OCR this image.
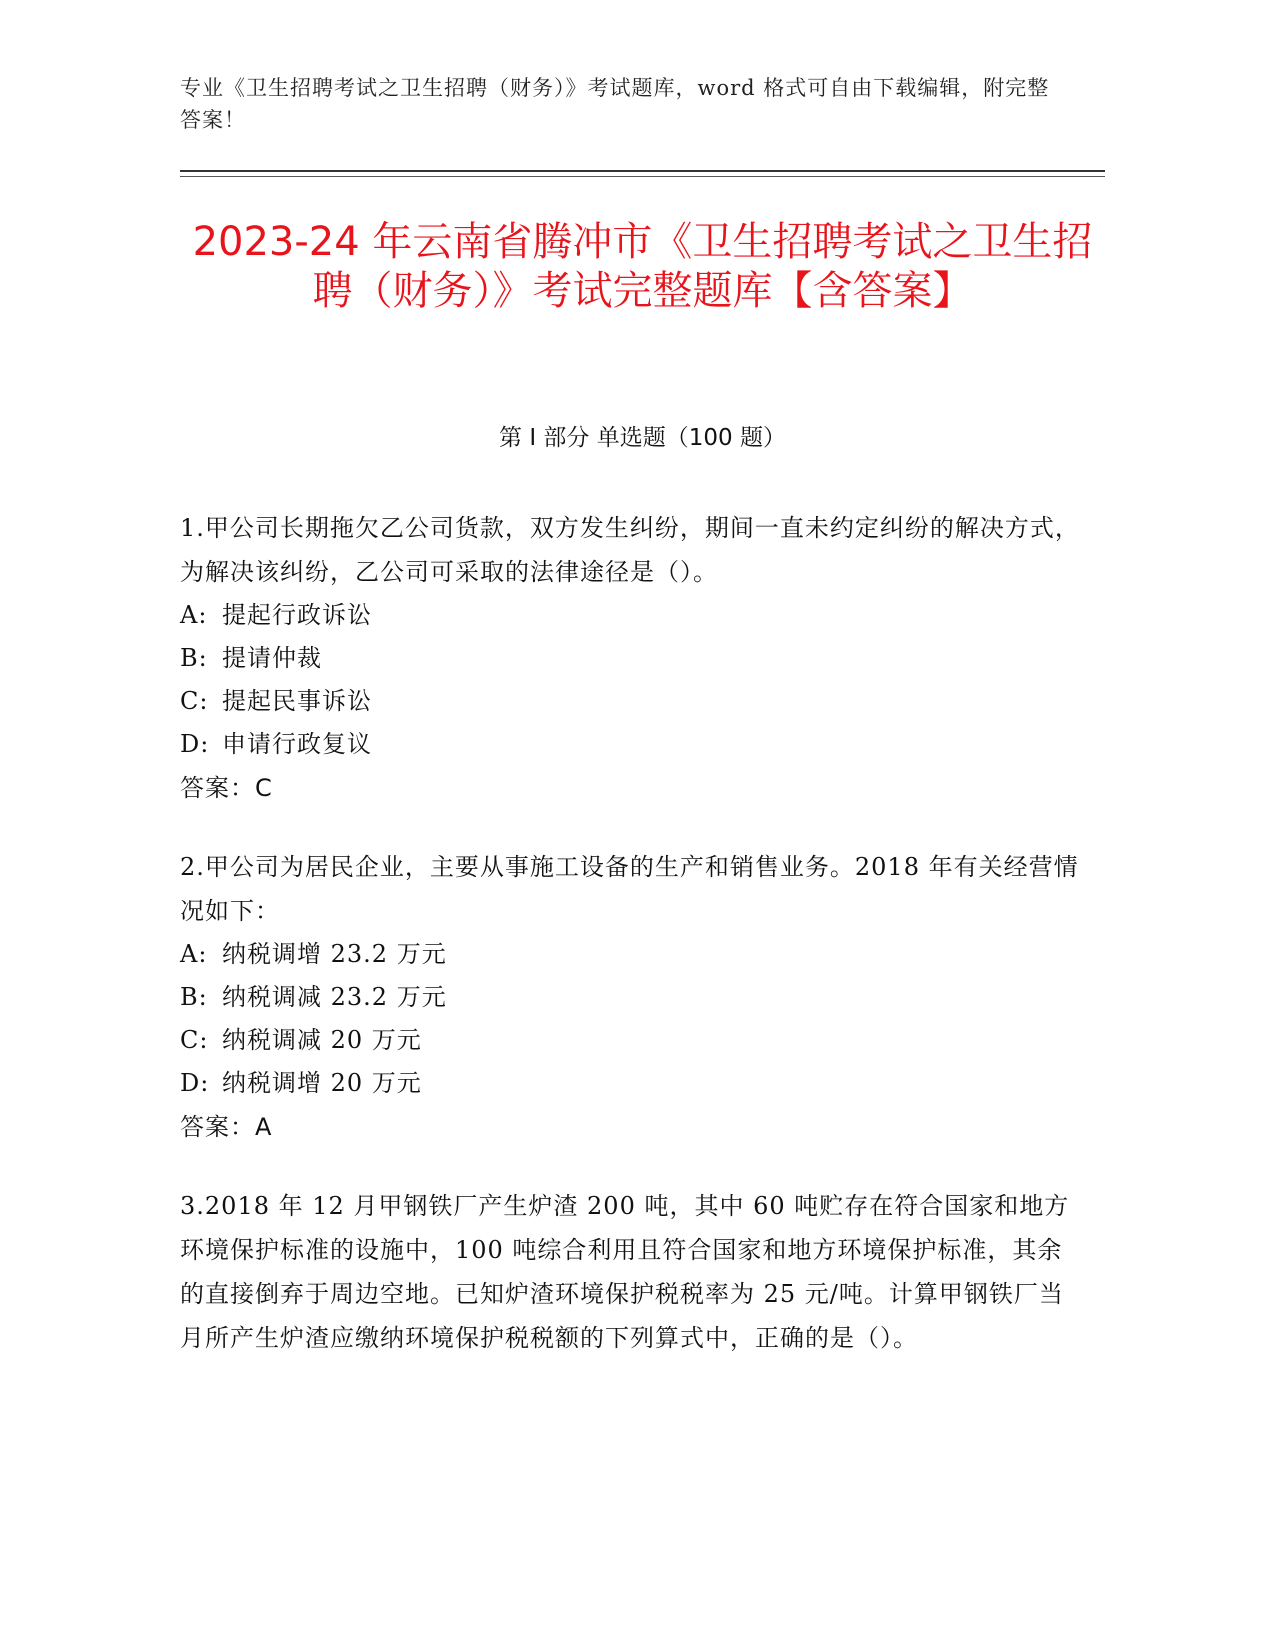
专业《卫生招聘考试之卫生招聘（财务）》考试题库，word 格式可自由下载编辑，附完整答案！
2023-24 年云南省腾冲市《卫生招聘考试之卫生招聘（财务）》考试完整题库【含答案】
第 I 部分 单选题（100 题）
1.甲公司长期拖欠乙公司货款，双方发生纠纷，期间一直未约定纠纷的解决方式，为解决该纠纷，乙公司可采取的法律途径是（）。
A: 提起行政诉讼
B: 提请仲裁
C: 提起民事诉讼
D: 申请行政复议
答案：C
2.甲公司为居民企业，主要从事施工设备的生产和销售业务。2018 年有关经营情况如下：
A: 纳税调增 23.2 万元
B: 纳税调减 23.2 万元
C: 纳税调减 20 万元
D: 纳税调增 20 万元
答案：A
3.2018 年 12 月甲钢铁厂产生炉渣 200 吨，其中 60 吨贮存在符合国家和地方环境保护标准的设施中，100 吨综合利用且符合国家和地方环境保护标准，其余的直接倒弃于周边空地。已知炉渣环境保护税税率为 25 元/吨。计算甲钢铁厂当月所产生炉渣应缴纳环境保护税税额的下列算式中，正确的是（）。
